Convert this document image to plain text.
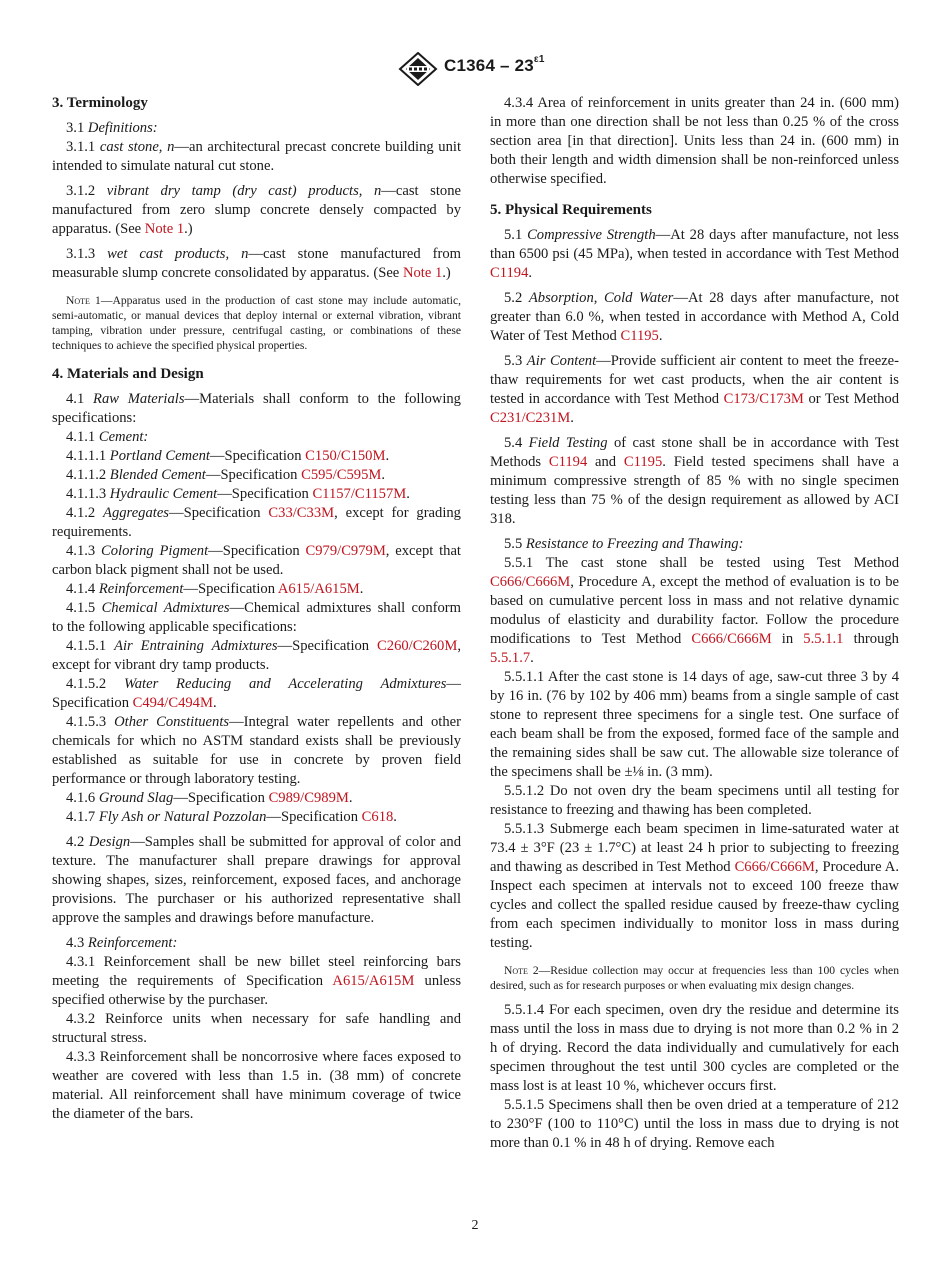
$C1364 - 23^{\varepsilon 1}$
3. Terminology

3.1 Definitions:

3.1.1 cast stone, n—an architectural precast concrete building unit intended to simulate natural cut stone.

3.1.2 vibrant dry tamp (dry cast) products, n—cast stone manufactured from zero slump concrete densely compacted by apparatus. (See Note 1.)

3.1.3 wet cast products, n—cast stone manufactured from measurable slump concrete consolidated by apparatus. (See Note 1.)

Note 1—Apparatus used in the production of cast stone may include automatic, semi-automatic, or manual devices that deploy internal or external vibration, vibrant tamping, vibration under pressure, centrifugal casting, or combinations of these techniques to achieve the specified physical properties.

4. Materials and Design

4.1 Raw Materials—Materials shall conform to the following specifications:

4.1.1 Cement:

4.1.1.1 Portland Cement—Specification C150/C150M.

4.1.1.2 Blended Cement—Specification C595/C595M.

4.1.1.3 Hydraulic Cement—Specification C1157/C1157M.

4.1.2 Aggregates—Specification C33/C33M, except for grading requirements.

4.1.3 Coloring Pigment—Specification C979/C979M, except that carbon black pigment shall not be used.

4.1.4 Reinforcement—Specification A615/A615M.

4.1.5 Chemical Admixtures—Chemical admixtures shall conform to the following applicable specifications:

4.1.5.1 Air Entraining Admixtures—Specification C260/C260M, except for vibrant dry tamp products.

4.1.5.2 Water Reducing and Accelerating Admixtures—Specification C494/C494M.

4.1.5.3 Other Constituents—Integral water repellents and other chemicals for which no ASTM standard exists shall be previously established as suitable for use in concrete by proven field performance or through laboratory testing.

4.1.6 Ground Slag—Specification C989/C989M.

4.1.7 Fly Ash or Natural Pozzolan—Specification C618.

4.2 Design—Samples shall be submitted for approval of color and texture. The manufacturer shall prepare drawings for approval showing shapes, sizes, reinforcement, exposed faces, and anchorage provisions. The purchaser or his authorized representative shall approve the samples and drawings before manufacture.

4.3 Reinforcement:

4.3.1 Reinforcement shall be new billet steel reinforcing bars meeting the requirements of Specification A615/A615M unless specified otherwise by the purchaser.

4.3.2 Reinforce units when necessary for safe handling and structural stress.

4.3.3 Reinforcement shall be noncorrosive where faces exposed to weather are covered with less than 1.5 in. (38 mm) of concrete material. All reinforcement shall have minimum coverage of twice the diameter of the bars.

4.3.4 Area of reinforcement in units greater than 24 in. (600 mm) in more than one direction shall be not less than 0.25 % of the cross section area [in that direction]. Units less than 24 in. (600 mm) in both their length and width dimension shall be non-reinforced unless otherwise specified.

5. Physical Requirements

5.1 Compressive Strength—At 28 days after manufacture, not less than 6500 psi (45 MPa), when tested in accordance with Test Method C1194.

5.2 Absorption, Cold Water—At 28 days after manufacture, not greater than 6.0 %, when tested in accordance with Method A, Cold Water of Test Method C1195.

5.3 Air Content—Provide sufficient air content to meet the freeze-thaw requirements for wet cast products, when the air content is tested in accordance with Test Method C173/C173M or Test Method C231/C231M.

5.4 Field Testing of cast stone shall be in accordance with Test Methods C1194 and C1195. Field tested specimens shall have a minimum compressive strength of 85 % with no single specimen testing less than 75 % of the design requirement as allowed by ACI 318.

5.5 Resistance to Freezing and Thawing:

5.5.1 The cast stone shall be tested using Test Method C666/C666M, Procedure A, except the method of evaluation is to be based on cumulative percent loss in mass and not relative dynamic modulus of elasticity and durability factor. Follow the procedure modifications to Test Method C666/C666M in 5.5.1.1 through 5.5.1.7.

5.5.1.1 After the cast stone is 14 days of age, saw-cut three 3 by 4 by 16 in. (76 by 102 by 406 mm) beams from a single sample of cast stone to represent three specimens for a single test. One surface of each beam shall be from the exposed, formed face of the sample and the remaining sides shall be saw cut. The allowable size tolerance of the specimens shall be ±⅛ in. (3 mm).

5.5.1.2 Do not oven dry the beam specimens until all testing for resistance to freezing and thawing has been completed.

5.5.1.3 Submerge each beam specimen in lime-saturated water at 73.4 ± 3°F (23 ± 1.7°C) at least 24 h prior to subjecting to freezing and thawing as described in Test Method C666/C666M, Procedure A. Inspect each specimen at intervals not to exceed 100 freeze thaw cycles and collect the spalled residue caused by freeze-thaw cycling from each specimen individually to monitor loss in mass during testing.

Note 2—Residue collection may occur at frequencies less than 100 cycles when desired, such as for research purposes or when evaluating mix design changes.

5.5.1.4 For each specimen, oven dry the residue and determine its mass until the loss in mass due to drying is not more than 0.2 % in 2 h of drying. Record the data individually and cumulatively for each specimen throughout the test until 300 cycles are completed or the mass lost is at least 10 %, whichever occurs first.

5.5.1.5 Specimens shall then be oven dried at a temperature of 212 to 230°F (100 to 110°C) until the loss in mass due to drying is not more than 0.1 % in 48 h of drying. Remove each

2
